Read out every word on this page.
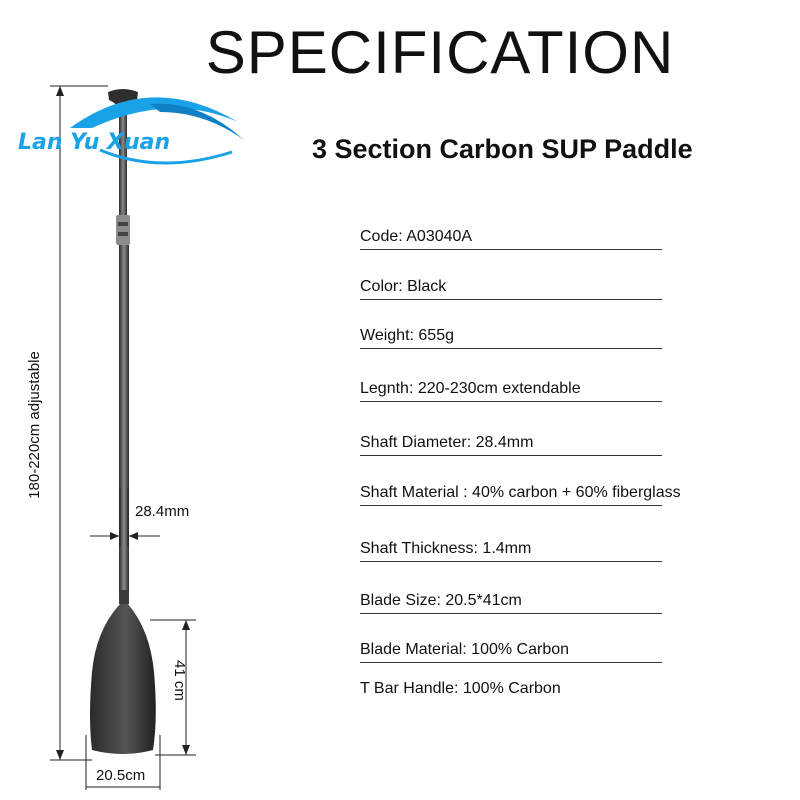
SPECIFICATION
3 Section Carbon SUP Paddle
Lan Yu Xuan
180-220cm adjustable
28.4mm
41 cm
20.5cm
Code: A03040A
Color: Black
Weight: 655g
Legnth: 220-230cm extendable
Shaft Diameter: 28.4mm
Shaft Material : 40% carbon + 60% fiberglass
Shaft Thickness: 1.4mm
Blade Size: 20.5*41cm
Blade Material: 100% Carbon
T Bar Handle: 100% Carbon
